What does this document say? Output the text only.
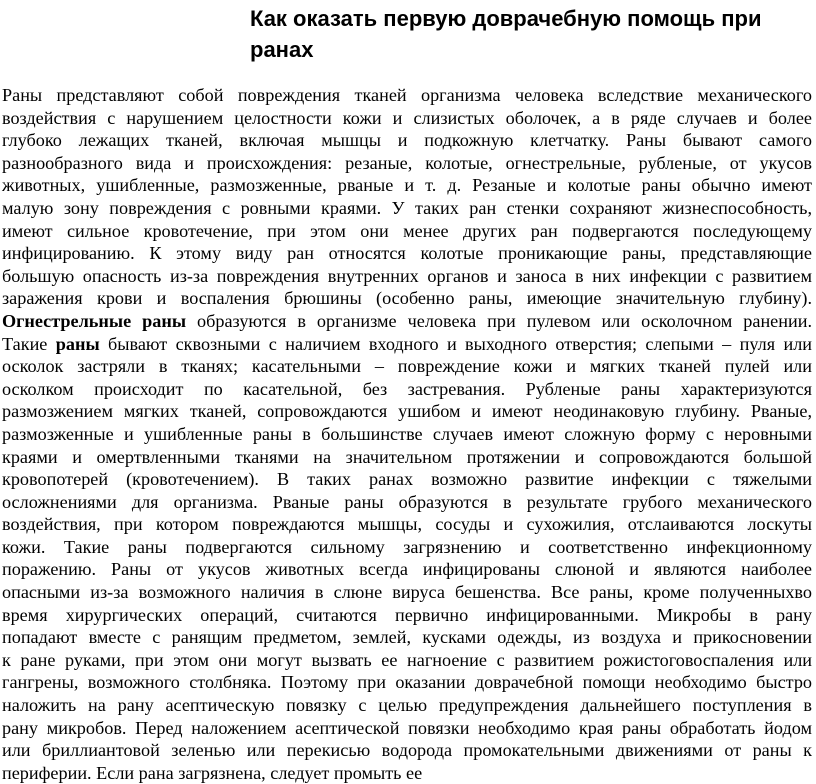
Как оказать первую доврачебную помощь при ранах
Раны представляют собой повреждения тканей организма человека вследствие механического
воздействия с нарушением целостности кожи и слизистых оболочек, а в ряде случаев и более
глубоко лежащих тканей, включая мышцы и подкожную клетчатку. Раны бывают самого
разнообразного вида и происхождения: резаные, колотые, огнестрельные, рубленые, от укусов
животных, ушибленные, размозженные, рваные и т. д. Резаные и колотые раны обычно имеют
малую зону повреждения с ровными краями. У таких ран стенки сохраняют жизнеспособность,
имеют сильное кровотечение, при этом они менее других ран подвергаются последующему
инфицированию. К этому виду ран относятся колотые проникающие раны, представляющие
большую опасность из-за повреждения внутренних органов и заноса в них инфекции с развитием
заражения крови и воспаления брюшины (особенно раны, имеющие значительную глубину).
Огнестрельные раны образуются в организме человека при пулевом или осколочном ранении.
Такие раны бывают сквозными с наличием входного и выходного отверстия; слепыми – пуля или
осколок застряли в тканях; касательными – повреждение кожи и мягких тканей пулей или
осколком происходит по касательной, без застревания. Рубленые раны характеризуются
размозжением мягких тканей, сопровождаются ушибом и имеют неодинаковую глубину. Рваные,
размозженные и ушибленные раны в большинстве случаев имеют сложную форму с неровными
краями и омертвленными тканями на значительном протяжении и сопровождаются большой
кровопотерей (кровотечением). В таких ранах возможно развитие инфекции с тяжелыми
осложнениями для организма. Рваные раны образуются в результате грубого механического
воздействия, при котором повреждаются мышцы, сосуды и сухожилия, отслаиваются лоскуты
кожи. Такие раны подвергаются сильному загрязнению и соответственно инфекционному
поражению. Раны от укусов животных всегда инфицированы слюной и являются наиболее
опасными из-за возможного наличия в слюне вируса бешенства. Все раны, кроме полученныхво
время хирургических операций, считаются первично инфицированными. Микробы в рану
попадают вместе с ранящим предметом, землей, кусками одежды, из воздуха и прикосновении
к ране руками, при этом они могут вызвать ее нагноение с развитием рожистоговоспаления или
гангрены, возможного столбняка. Поэтому при оказании доврачебной помощи необходимо быстро
наложить на рану асептическую повязку с целью предупреждения дальнейшего поступления в
рану микробов. Перед наложением асептической повязки необходимо края раны обработать йодом
или бриллиантовой зеленью или перекисью водорода промокательными движениями от раны к
периферии. Если рана загрязнена, следует промыть ее
